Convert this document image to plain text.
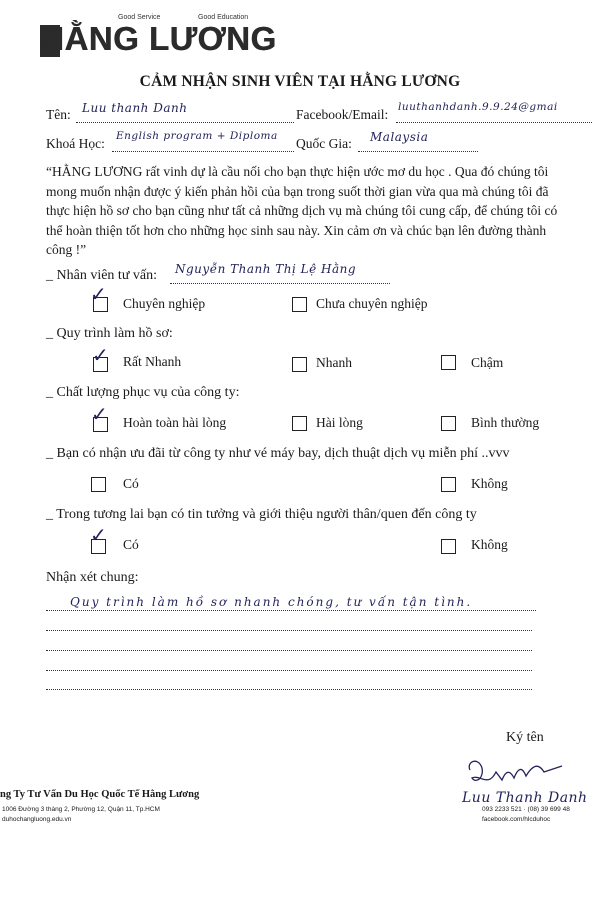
Good Service	Good Education
HẰNG LƯƠNG
CẢM NHẬN SINH VIÊN TẠI HẰNG LƯƠNG
Tên: Luu thanh Danh	Facebook/Email: luuthanhdanh.9.9.24@gmai
Khoá Học: English program + Diploma Quốc Gia: Malaysia
“HẰNG LƯƠNG rất vinh dự là cầu nối cho bạn thực hiện ước mơ du học . Qua đó chúng tôi mong muốn nhận được ý kiến phản hồi của bạn trong suốt thời gian vừa qua mà chúng tôi đã thực hiện hồ sơ cho bạn cũng như tất cả những dịch vụ mà chúng tôi cung cấp, để chúng tôi có thể hoàn thiện tốt hơn cho những học sinh sau này. Xin cảm ơn và chúc bạn lên đường thành công !”
_ Nhân viên tư vấn: Nguyễn Thanh Thị Lệ Hằng
✓ Chuyên nghiệp	Chưa chuyên nghiệp
_ Quy trình làm hồ sơ:
✓ Rất Nhanh	Nhanh	Chậm
_ Chất lượng phục vụ của công ty:
✓ Hoàn toàn hài lòng	Hài lòng	Bình thường
_ Bạn có nhận ưu đãi từ công ty như vé máy bay, dịch thuật dịch vụ miễn phí ..vvv
Có	Không
_ Trong tương lai bạn có tin tưởng và giới thiệu người thân/quen đến công ty
✓ Có	Không
Nhận xét chung:
Quy trình làm hồ sơ nhanh chóng, tư vấn tận tình.
Ký tên
Luu Thanh Danh
ng Ty Tư Vấn Du Học Quốc Tế Hằng Lương
1006 Đường 3 tháng 2, Phường 12, Quận 11, Tp.HCM
duhochangluong.edu.vn
093 2233 521 · (08) 39 699 48
facebook.com/hlcduhoc
